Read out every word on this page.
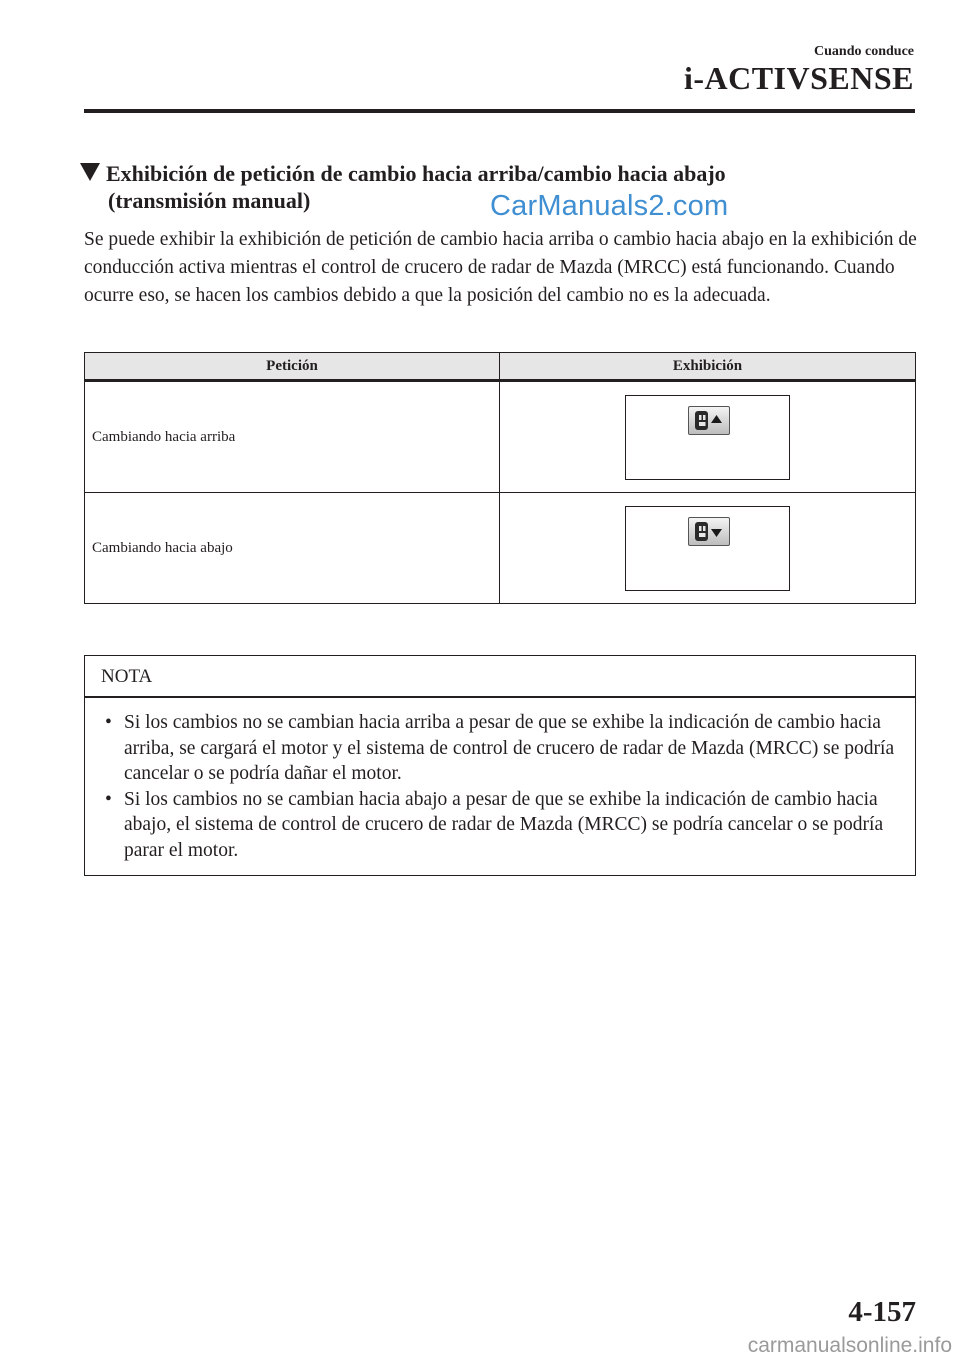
Cuando conduce
i-ACTIVSENSE
Exhibición de petición de cambio hacia arriba/cambio hacia abajo
(transmisión manual)	CarManuals2.com

Se puede exhibir la exhibición de petición de cambio hacia arriba o cambio hacia abajo en la exhibición de conducción activa mientras el control de crucero de radar de Mazda (MRCC) está funcionando. Cuando ocurre eso, se hacen los cambios debido a que la posición del cambio no es la adecuada.

Petición	Exhibición
Cambiando hacia arriba	

Cambiando hacia abajo	
NOTA
• Si los cambios no se cambian hacia arriba a pesar de que se exhibe la indicación de cambio hacia arriba, se cargará el motor y el sistema de control de crucero de radar de Mazda (MRCC) se podría cancelar o se podría dañar el motor.
• Si los cambios no se cambian hacia abajo a pesar de que se exhibe la indicación de cambio hacia abajo, el sistema de control de crucero de radar de Mazda (MRCC) se podría cancelar o se podría parar el motor.
4-157
carmanualsonline.info
